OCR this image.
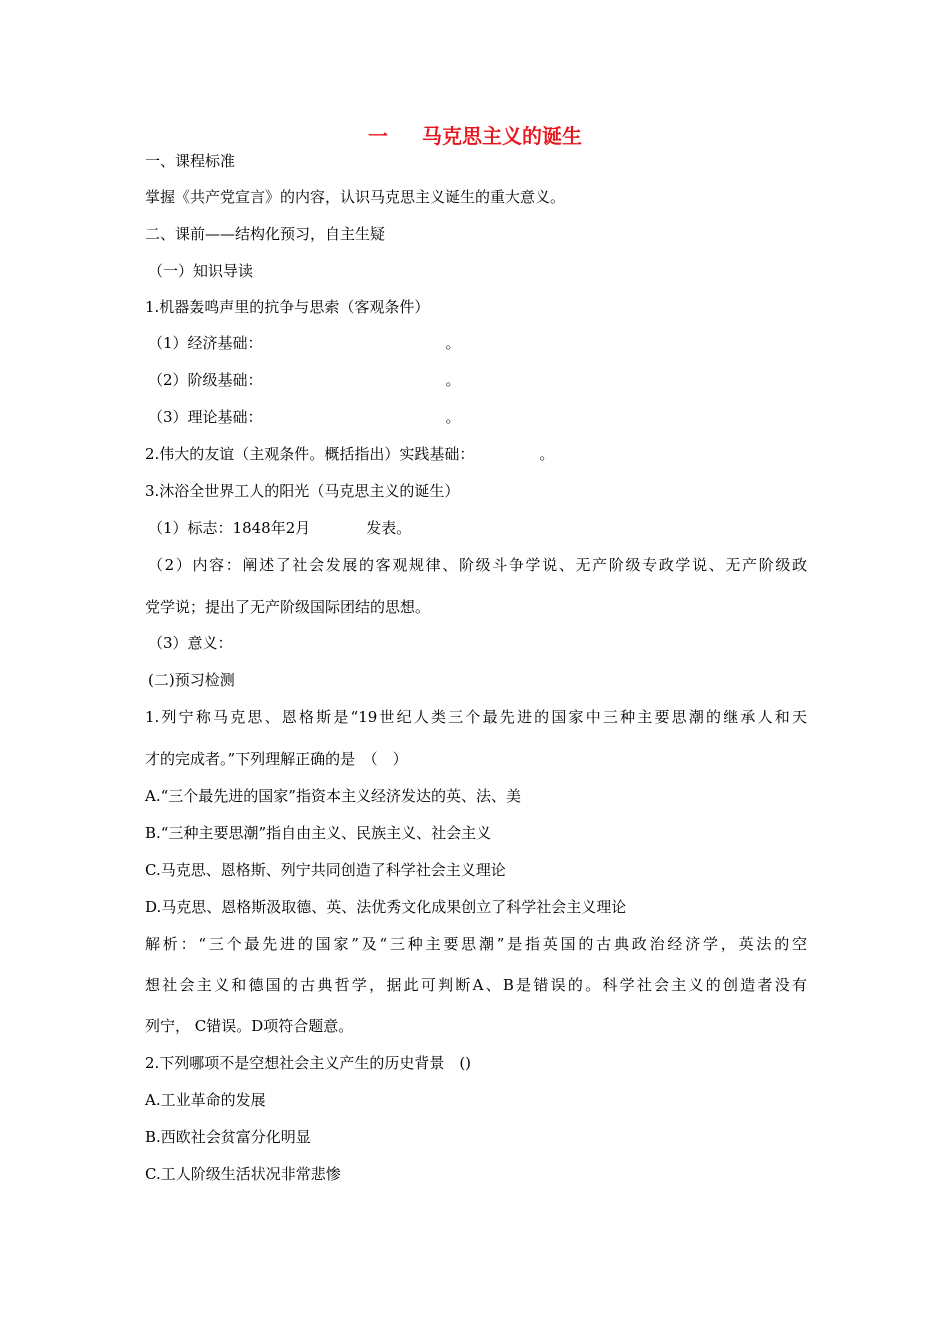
一 马克思主义的诞生
一、课程标准
掌握《共产党宣言》的内容，认识马克思主义诞生的重大意义。
二、课前——结构化预习，自主生疑
（一）知识导读
1.机器轰鸣声里的抗争与思索（客观条件）
（1）经济基础：	。
（2）阶级基础：	。
（3）理论基础：	。
2.伟大的友谊（主观条件。概括指出）实践基础：	。
3.沐浴全世界工人的阳光（马克思主义的诞生）
（1）标志：1848年2月	发表。
（2）内容：阐述了社会发展的客观规律、阶级斗争学说、无产阶级专政学说、无产阶级政
党学说；提出了无产阶级国际团结的思想。
（3）意义：
(二)预习检测
1.列宁称马克思、恩格斯是“19世纪人类三个最先进的国家中三种主要思潮的继承人和天
才的完成者。”下列理解正确的是　（　）
A.“三个最先进的国家”指资本主义经济发达的英、法、美
B.“三种主要思潮”指自由主义、民族主义、社会主义
C.马克思、恩格斯、列宁共同创造了科学社会主义理论
D.马克思、恩格斯汲取德、英、法优秀文化成果创立了科学社会主义理论
解析：“三个最先进的国家”及“三种主要思潮”是指英国的古典政治经济学，英法的空
想社会主义和德国的古典哲学，据此可判断A、B是错误的。科学社会主义的创造者没有
列宁， C错误。D项符合题意。
2.下列哪项不是空想社会主义产生的历史背景　()
A.工业革命的发展
B.西欧社会贫富分化明显
C.工人阶级生活状况非常悲惨
